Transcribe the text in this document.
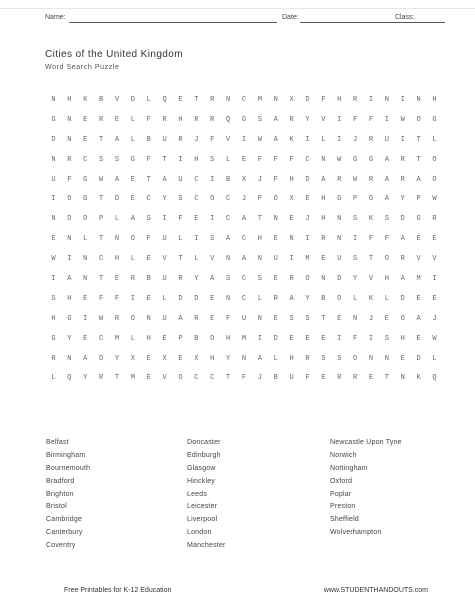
Name:	Date:	Class:
Cities of the United Kingdom
Word Search Puzzle
N	H	K	B	V	D	L	Q	E	T	R	N	C	M	N	X	D	F	H	R	I	N	I	N	H
G	N	E	R	E	L	F	R	H	R	R	Q	G	S	A	R	Y	V	I	F	F	I	W	O	G
D	N	E	T	A	L	B	U	R	J	F	V	I	W	A	K	I	L	I	J	R	U	I	T	L
N	R	C	S	S	G	F	T	I	H	S	L	E	F	F	F	C	N	W	G	G	A	R	T	O
U	F	G	W	A	E	T	A	U	C	I	B	X	J	F	H	D	A	R	W	R	A	R	A	O
I	O	G	T	D	E	C	Y	S	C	O	C	J	P	O	X	E	H	G	P	G	A	Y	P	W
N	D	O	P	L	A	S	I	F	E	I	C	A	T	N	E	J	H	N	S	K	S	D	G	R
E	N	L	T	N	O	F	U	L	I	S	A	C	H	E	N	I	R	N	I	F	F	A	E	E
W	I	N	C	H	L	E	V	T	L	V	N	A	N	U	I	M	E	U	S	T	O	R	V	V
I	A	N	T	E	R	B	U	R	Y	A	S	C	S	E	R	O	N	D	Y	V	H	A	M	I
S	H	E	F	F	I	E	L	D	D	E	N	C	L	R	A	Y	B	O	L	K	L	D	E	E
H	G	I	W	R	O	N	U	A	R	E	F	U	N	E	S	S	T	E	N	J	E	O	A	J
G	Y	E	C	M	L	H	E	P	B	O	H	M	I	D	E	E	E	I	F	I	S	H	E	W
R	N	A	D	Y	X	E	X	E	X	H	Y	N	A	L	H	R	S	S	O	N	N	E	D	L
L	Q	Y	R	T	M	E	V	O	C	C	T	F	J	B	U	F	E	R	R	E	T	N	K	Q
Belfast
Birmingham
Bournemouth
Bradford
Brighton
Bristol
Cambridge
Canterbury
Coventry
Doncaster
Edinburgh
Glasgow
Hinckley
Leeds
Leicester
Liverpool
London
Manchester
Newcastle Upon Tyne
Norwich
Nottingham
Oxford
Poplar
Preston
Sheffield
Wolverhampton
Free Printables for K-12 Education	www.STUDENTHANDOUTS.com
